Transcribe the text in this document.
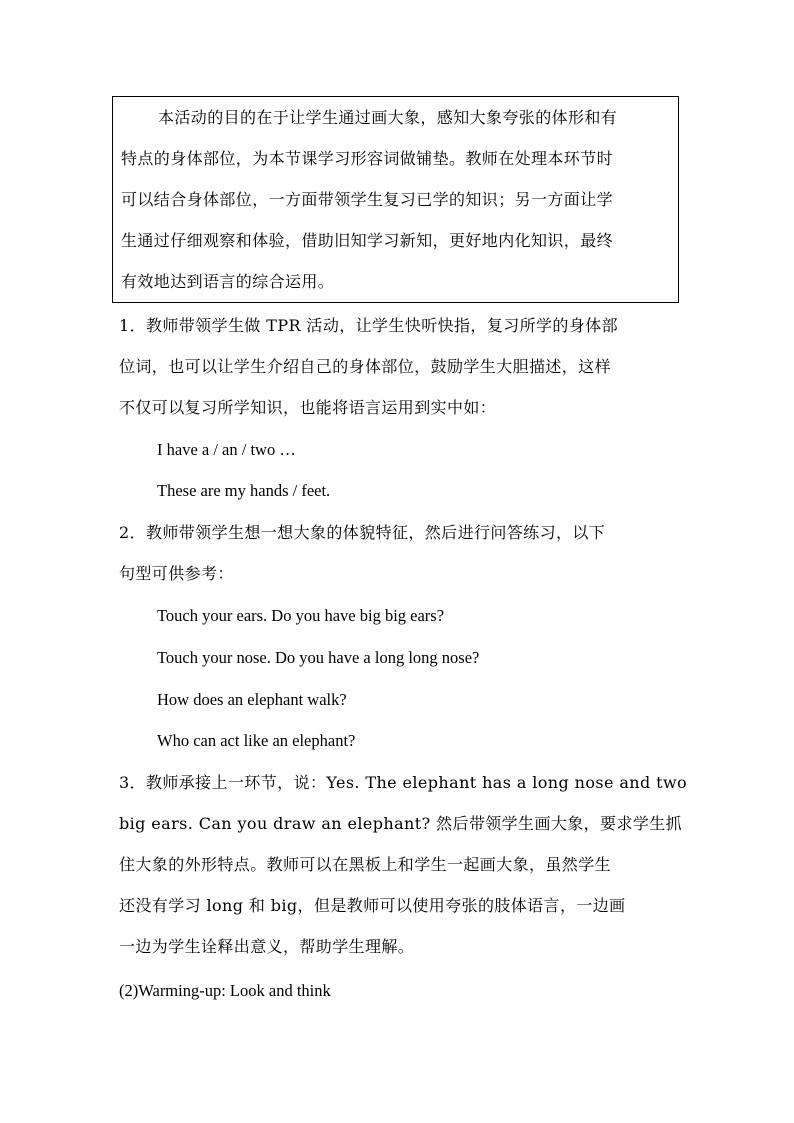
本活动的目的在于让学生通过画大象，感知大象夸张的体形和有
特点的身体部位，为本节课学习形容词做铺垫。教师在处理本环节时
可以结合身体部位，一方面带领学生复习已学的知识；另一方面让学
生通过仔细观察和体验，借助旧知学习新知，更好地内化知识，最终
有效地达到语言的综合运用。
1．教师带领学生做 TPR 活动，让学生快听快指，复习所学的身体部
位词，也可以让学生介绍自己的身体部位，鼓励学生大胆描述，这样
不仅可以复习所学知识，也能将语言运用到实中如：
I have a / an / two …
These are my hands / feet.
2．教师带领学生想一想大象的体貌特征，然后进行问答练习，以下
句型可供参考：
Touch your ears. Do you have big big ears?
Touch your nose. Do you have a long long nose?
How does an elephant walk?
Who can act like an elephant?
3．教师承接上一环节，说：Yes. The elephant has a long nose and two
big ears. Can you draw an elephant? 然后带领学生画大象，要求学生抓
住大象的外形特点。教师可以在黑板上和学生一起画大象，虽然学生
还没有学习 long 和 big，但是教师可以使用夸张的肢体语言，一边画
一边为学生诠释出意义，帮助学生理解。
(2)Warming-up: Look and think
